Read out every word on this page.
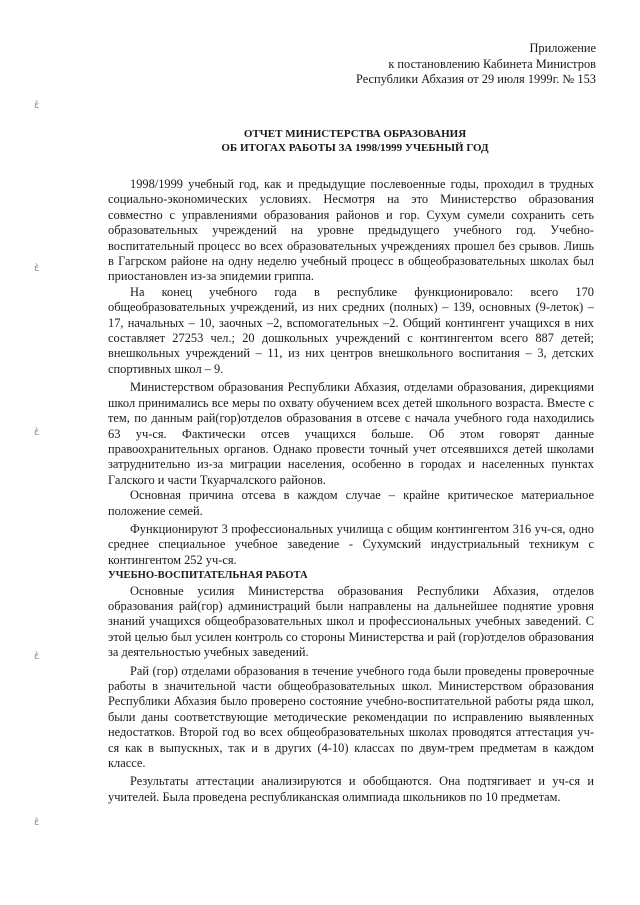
ɛ̀
ɛ̀
ɛ̀
ɛ̀
ɛ̀
Приложение
к постановлению Кабинета Министров
Республики Абхазия от 29 июля 1999г. № 153
ОТЧЕТ МИНИСТЕРСТВА ОБРАЗОВАНИЯ
ОБ ИТОГАХ РАБОТЫ ЗА 1998/1999 УЧЕБНЫЙ ГОД

1998/1999 учебный год, как и предыдущие послевоенные годы, проходил в трудных социально-экономических условиях. Несмотря на это Министерство образования совместно с управлениями образования районов и гор. Сухум сумели сохранить сеть образовательных учреждений на уровне предыдущего учебного год. Учебно-воспитательный процесс во всех образовательных учреждениях прошел без срывов. Лишь в Гагрском районе на одну неделю учебный процесс в общеобразовательных школах был приостановлен из-за эпидемии гриппа.

На конец учебного года в республике функционировало: всего 170 общеобразовательных учреждений, из них средних (полных) – 139, основных (9-леток) – 17, начальных – 10, заочных –2, вспомогательных –2. Общий контингент учащихся в них составляет 27253 чел.; 20 дошкольных учреждений с контингентом всего 887 детей; внешкольных учреждений – 11, из них центров внешкольного воспитания – 3, детских спортивных школ – 9.

Министерством образования Республики Абхазия, отделами образования, дирекциями школ принимались все меры по охвату обучением всех детей школьного возраста. Вместе с тем, по данным рай(гор)отделов образования в отсеве с начала учебного года находились 63 уч-ся. Фактически отсев учащихся больше. Об этом говорят данные правоохранительных органов. Однако провести точный учет отсеявшихся детей школами затруднительно из-за миграции населения, особенно в городах и населенных пунктах Галского и части Ткуарчалского районов.

Основная причина отсева в каждом случае – крайне критическое материальное положение семей.

Функционируют 3 профессиональных училища с общим контингентом 316 уч-ся, одно среднее специальное учебное заведение - Сухумский индустриальный техникум с контингентом 252 уч-ся.

УЧЕБНО-ВОСПИТАТЕЛЬНАЯ РАБОТА

Основные усилия Министерства образования Республики Абхазия, отделов образования рай(гор) администраций были направлены на дальнейшее поднятие уровня знаний учащихся общеобразовательных школ и профессиональных учебных заведений. С этой целью был усилен контроль со стороны Министерства и рай (гор)отделов образования за деятельностью учебных заведений.

Рай (гор) отделами образования в течение учебного года были проведены проверочные работы в значительной части общеобразовательных школ. Министерством образования Республики Абхазия было проверено состояние учебно-воспитательной работы ряда школ, были даны соответствующие методические рекомендации по исправлению выявленных недостатков. Второй год во всех общеобразовательных школах проводятся аттестация уч-ся как в выпускных, так и в других (4-10) классах по двум-трем предметам в каждом классе.

Результаты аттестации анализируются и обобщаются. Она подтягивает и уч-ся и учителей. Была проведена республиканская олимпиада школьников по 10 предметам.
